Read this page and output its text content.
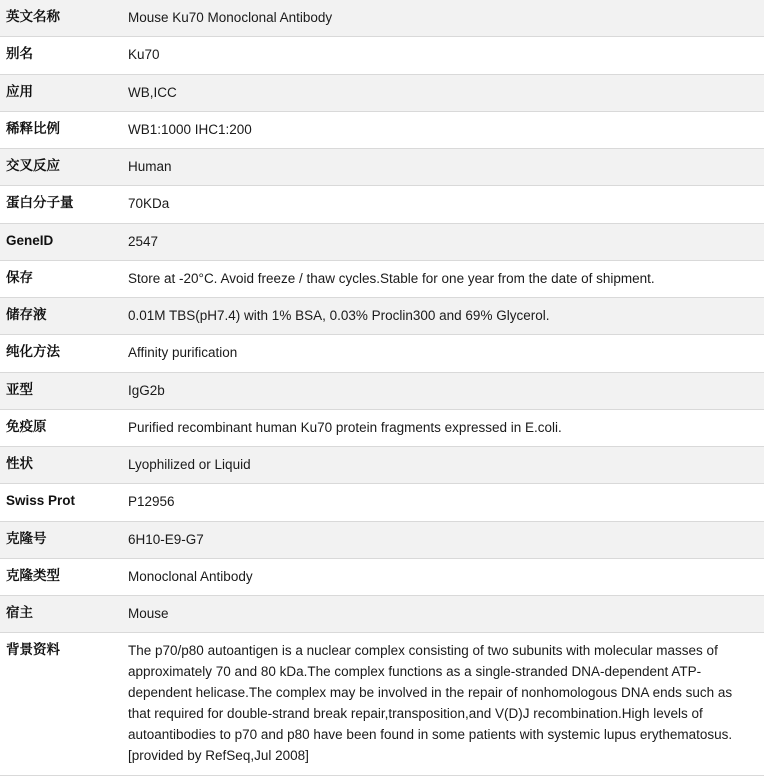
英文名称	Mouse Ku70 Monoclonal Antibody
别名	Ku70
应用	WB,ICC
稀释比例	WB1:1000 IHC1:200
交叉反应	Human
蛋白分子量	70KDa
GeneID	2547
保存	Store at -20°C. Avoid freeze / thaw cycles.Stable for one year from the date of shipment.
储存液	0.01M TBS(pH7.4) with 1% BSA, 0.03% Proclin300 and 69% Glycerol.
纯化方法	Affinity purification
亚型	IgG2b
免疫原	Purified recombinant human Ku70 protein fragments expressed in E.coli.
性状	Lyophilized or Liquid
Swiss Prot	P12956
克隆号	6H10-E9-G7
克隆类型	Monoclonal Antibody
宿主	Mouse
背景资料	The p70/p80 autoantigen is a nuclear complex consisting of two subunits with molecular masses of approximately 70 and 80 kDa.The complex functions as a single-stranded DNA-dependent ATP-dependent helicase.The complex may be involved in the repair of nonhomologous DNA ends such as that required for double-strand break repair,transposition,and V(D)J recombination.High levels of autoantibodies to p70 and p80 have been found in some patients with systemic lupus erythematosus.[provided by RefSeq,Jul 2008]
